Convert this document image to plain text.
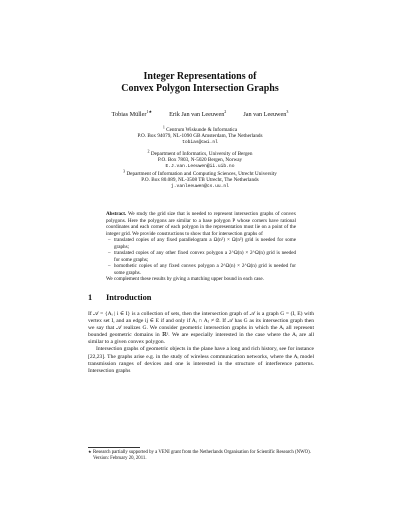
Integer Representations of
Convex Polygon Intersection Graphs
Tobias Müller$^{1★}$	Erik Jan van Leeuwen$^2$	Jan van Leeuwen$^3$
$^1$ Centrum Wiskunde & Informatica
P.O. Box 94079, NL-1090 GB Amsterdam, The Netherlands
tobias@cwi.nl
$^2$ Department of Informatics, University of Bergen
P.O. Box 7803, N-5020 Bergen, Norway
E.J.van.Leeuwen@ii.uib.no
$^3$ Department of Information and Computing Sciences, Utrecht University
P.O. Box 80.089, NL-3508 TB Utrecht, The Netherlands
j.vanleeuwen@cs.uu.nl
Abstract. We study the grid size that is needed to represent intersection graphs of convex polygons. Here the polygons are similar to a base polygon P whose corners have rational coordinates and each corner of each polygon in the representation must lie on a point of the integer grid. We provide constructions to show that for intersection graphs of
– translated copies of any fixed parallelogram a Ω(n²) × Ω(n²) grid is needed for some graphs;
– translated copies of any other fixed convex polygon a 2^Ω(n) × 2^Ω(n) grid is needed for some graphs;
– homothetic copies of any fixed convex polygon a 2^Ω(n) × 2^Ω(n) grid is needed for some graphs.
We complement these results by giving a matching upper bound in each case.
1 Introduction

If 𝒜 = {Aᵢ | i ∈ I} is a collection of sets, then the intersection graph of 𝒜 is a graph G = (I, E) with vertex set I, and an edge ij ∈ E if and only if Aᵢ ∩ Aⱼ ≠ ∅. If 𝒜 has G as its intersection graph then we say that 𝒜 realizes G. We consider geometric intersection graphs in which the Aᵢ all represent bounded geometric domains in ℝ². We are especially interested in the case where the Aᵢ are all similar to a given convex polygon.

Intersection graphs of geometric objects in the plane have a long and rich history, see for instance [22,23]. The graphs arise e.g. in the study of wireless communication networks, where the Aᵢ model transmission ranges of devices and one is interested in the structure of interference patterns. Intersection graphs

★ Research partially supported by a VENI grant from the Netherlands Organisation for Scientific Research (NWO). Version: February 20, 2011.
